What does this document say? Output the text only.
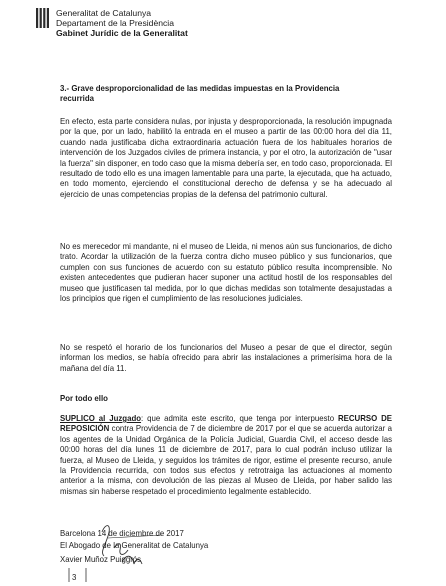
Generalitat de Catalunya
Departament de la Presidència
Gabinet Jurídic de la Generalitat
3.- Grave desproporcionalidad de las medidas impuestas en la Providencia
recurrida
En efecto, esta parte considera nulas, por injusta y desproporcionada, la resolución impugnada por la que, por un lado, habilitó la entrada en el museo a partir de las 00:00 hora del día 11, cuando nada justificaba dicha extraordinaria actuación fuera de los habituales horarios de intervención de los Juzgados civiles de primera instancia, y por el otro, la autorización de "usar la fuerza" sin disponer, en todo caso que la misma debería ser, en todo caso, proporcionada. El resultado de todo ello es una imagen lamentable para una parte, la ejecutada, que ha actuado, en todo momento, ejerciendo el constitucional derecho de defensa y se ha adecuado al ejercicio de unas competencias propias de la defensa del patrimonio cultural.
No es merecedor mi mandante, ni el museo de Lleida, ni menos aún sus funcionarios, de dicho trato. Acordar la utilización de la fuerza contra dicho museo público y sus funcionarios, que cumplen con sus funciones de acuerdo con su estatuto público resulta incomprensible. No existen antecedentes que pudieran hacer suponer una actitud hostil de los responsables del museo que justificasen tal medida, por lo que dichas medidas son totalmente desajustadas a los principios que rigen el cumplimiento de las resoluciones judiciales.
No se respetó el horario de los funcionarios del Museo a pesar de que el director, según informan los medios, se había ofrecido para abrir las instalaciones a primerísima hora de la mañana del día 11.
Por todo ello
SUPLICO al Juzgado: que admita este escrito, que tenga por interpuesto RECURSO DE REPOSICIÓN contra Providencia de 7 de diciembre de 2017 por el que se acuerda autorizar a los agentes de la Unidad Orgánica de la Policía Judicial, Guardia Civil, el acceso desde las 00:00 horas del día lunes 11 de diciembre de 2017, para lo cual podrán incluso utilizar la fuerza, al Museo de Lleida, y seguidos los trámites de rigor, estime el presente recurso, anule la Providencia recurrida, con todos sus efectos y retrotraiga las actuaciones al momento anterior a la misma, con devolución de las piezas al Museo de Lleida, por haber salido las mismas sin haberse respetado el procedimiento legalmente establecido.
Barcelona 14 de diciembre de 2017
El Abogado de la Generalitat de Catalunya
Xavier Muñoz Puiggrós
3
